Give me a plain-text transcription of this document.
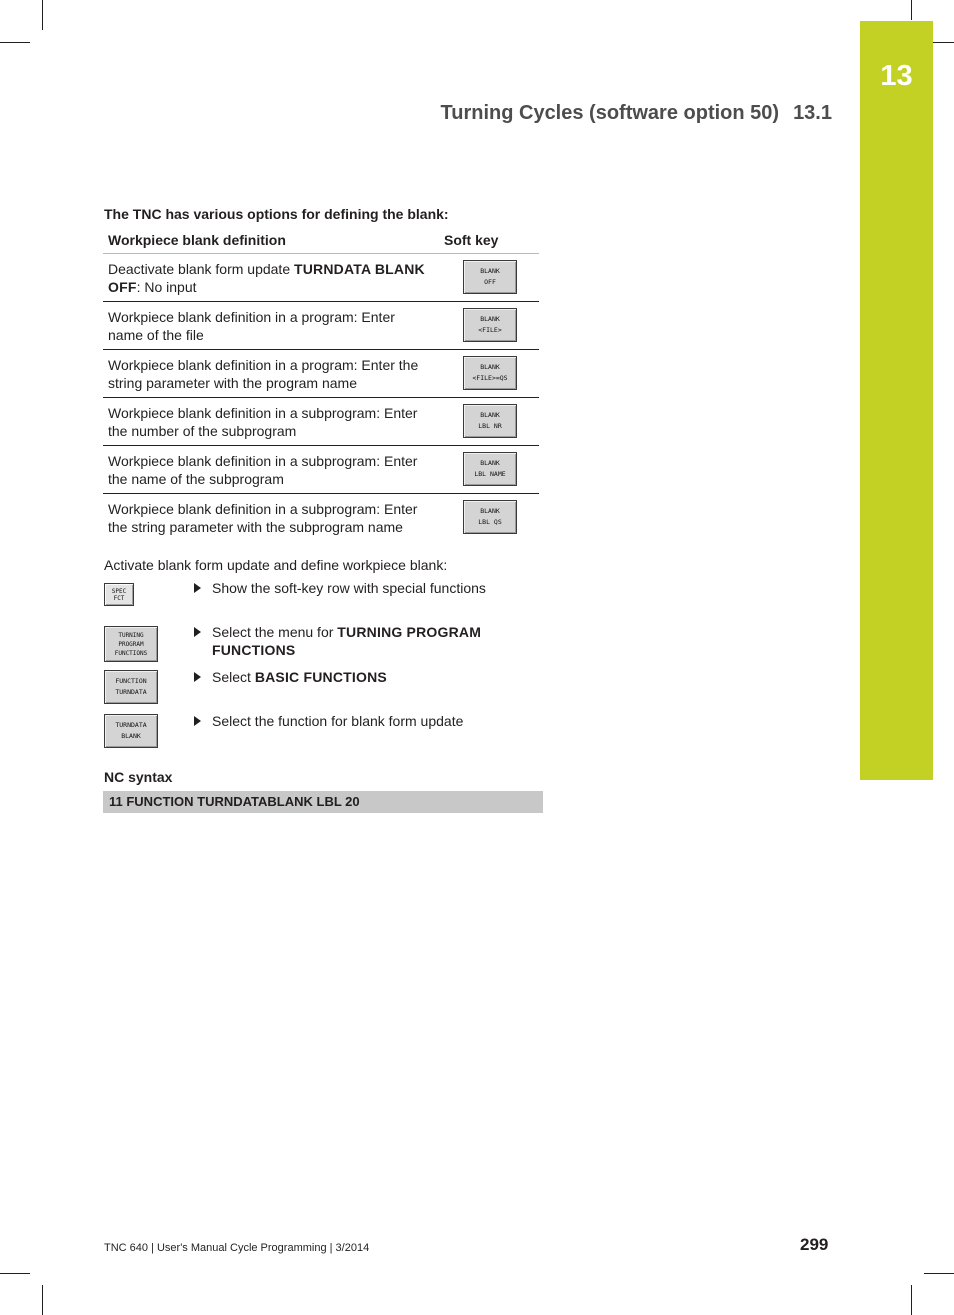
13
Turning Cycles (software option 50) 13.1
The TNC has various options for defining the blank:
Workpiece blank definition	Soft key
Deactivate blank form update TURNDATA BLANK OFF: No input	BLANK
OFF

Workpiece blank definition in a program: Enter name of the file	BLANK
<FILE>

Workpiece blank definition in a program: Enter the string parameter with the program name	BLANK
<FILE>=QS

Workpiece blank definition in a subprogram: Enter the number of the subprogram	BLANK
LBL NR

Workpiece blank definition in a subprogram: Enter the name of the subprogram	BLANK
LBL NAME

Workpiece blank definition in a subprogram: Enter the string parameter with the subprogram name	BLANK
LBL QS
Activate blank form update and define workpiece blank:
SPEC
FCT
Show the soft-key row with special functions
TURNING
PROGRAM
FUNCTIONS
Select the menu for TURNING PROGRAM FUNCTIONS
FUNCTION
TURNDATA
Select BASIC FUNCTIONS
TURNDATA
BLANK
Select the function for blank form update
NC syntax
11 FUNCTION TURNDATABLANK LBL 20
TNC 640 | User's Manual Cycle Programming | 3/2014	299
